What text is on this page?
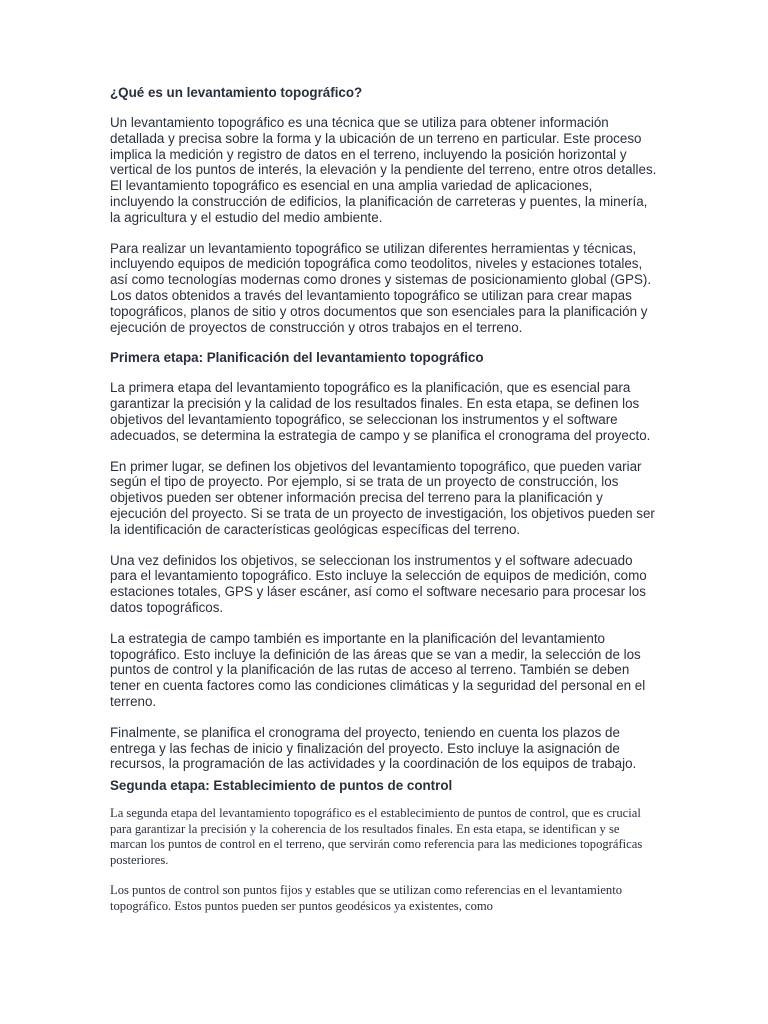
¿Qué es un levantamiento topográfico?

Un levantamiento topográfico es una técnica que se utiliza para obtener información detallada y precisa sobre la forma y la ubicación de un terreno en particular. Este proceso implica la medición y registro de datos en el terreno, incluyendo la posición horizontal y vertical de los puntos de interés, la elevación y la pendiente del terreno, entre otros detalles. El levantamiento topográfico es esencial en una amplia variedad de aplicaciones, incluyendo la construcción de edificios, la planificación de carreteras y puentes, la minería, la agricultura y el estudio del medio ambiente.

Para realizar un levantamiento topográfico se utilizan diferentes herramientas y técnicas, incluyendo equipos de medición topográfica como teodolitos, niveles y estaciones totales, así como tecnologías modernas como drones y sistemas de posicionamiento global (GPS). Los datos obtenidos a través del levantamiento topográfico se utilizan para crear mapas topográficos, planos de sitio y otros documentos que son esenciales para la planificación y ejecución de proyectos de construcción y otros trabajos en el terreno.

Primera etapa: Planificación del levantamiento topográfico

La primera etapa del levantamiento topográfico es la planificación, que es esencial para garantizar la precisión y la calidad de los resultados finales. En esta etapa, se definen los objetivos del levantamiento topográfico, se seleccionan los instrumentos y el software adecuados, se determina la estrategia de campo y se planifica el cronograma del proyecto.

En primer lugar, se definen los objetivos del levantamiento topográfico, que pueden variar según el tipo de proyecto. Por ejemplo, si se trata de un proyecto de construcción, los objetivos pueden ser obtener información precisa del terreno para la planificación y ejecución del proyecto. Si se trata de un proyecto de investigación, los objetivos pueden ser la identificación de características geológicas específicas del terreno.

Una vez definidos los objetivos, se seleccionan los instrumentos y el software adecuado para el levantamiento topográfico. Esto incluye la selección de equipos de medición, como estaciones totales, GPS y láser escáner, así como el software necesario para procesar los datos topográficos.

La estrategia de campo también es importante en la planificación del levantamiento topográfico. Esto incluye la definición de las áreas que se van a medir, la selección de los puntos de control y la planificación de las rutas de acceso al terreno. También se deben tener en cuenta factores como las condiciones climáticas y la seguridad del personal en el terreno.

Finalmente, se planifica el cronograma del proyecto, teniendo en cuenta los plazos de entrega y las fechas de inicio y finalización del proyecto. Esto incluye la asignación de recursos, la programación de las actividades y la coordinación de los equipos de trabajo.

Segunda etapa: Establecimiento de puntos de control

La segunda etapa del levantamiento topográfico es el establecimiento de puntos de control, que es crucial para garantizar la precisión y la coherencia de los resultados finales. En esta etapa, se identifican y se marcan los puntos de control en el terreno, que servirán como referencia para las mediciones topográficas posteriores.

Los puntos de control son puntos fijos y estables que se utilizan como referencias en el levantamiento topográfico. Estos puntos pueden ser puntos geodésicos ya existentes, como
